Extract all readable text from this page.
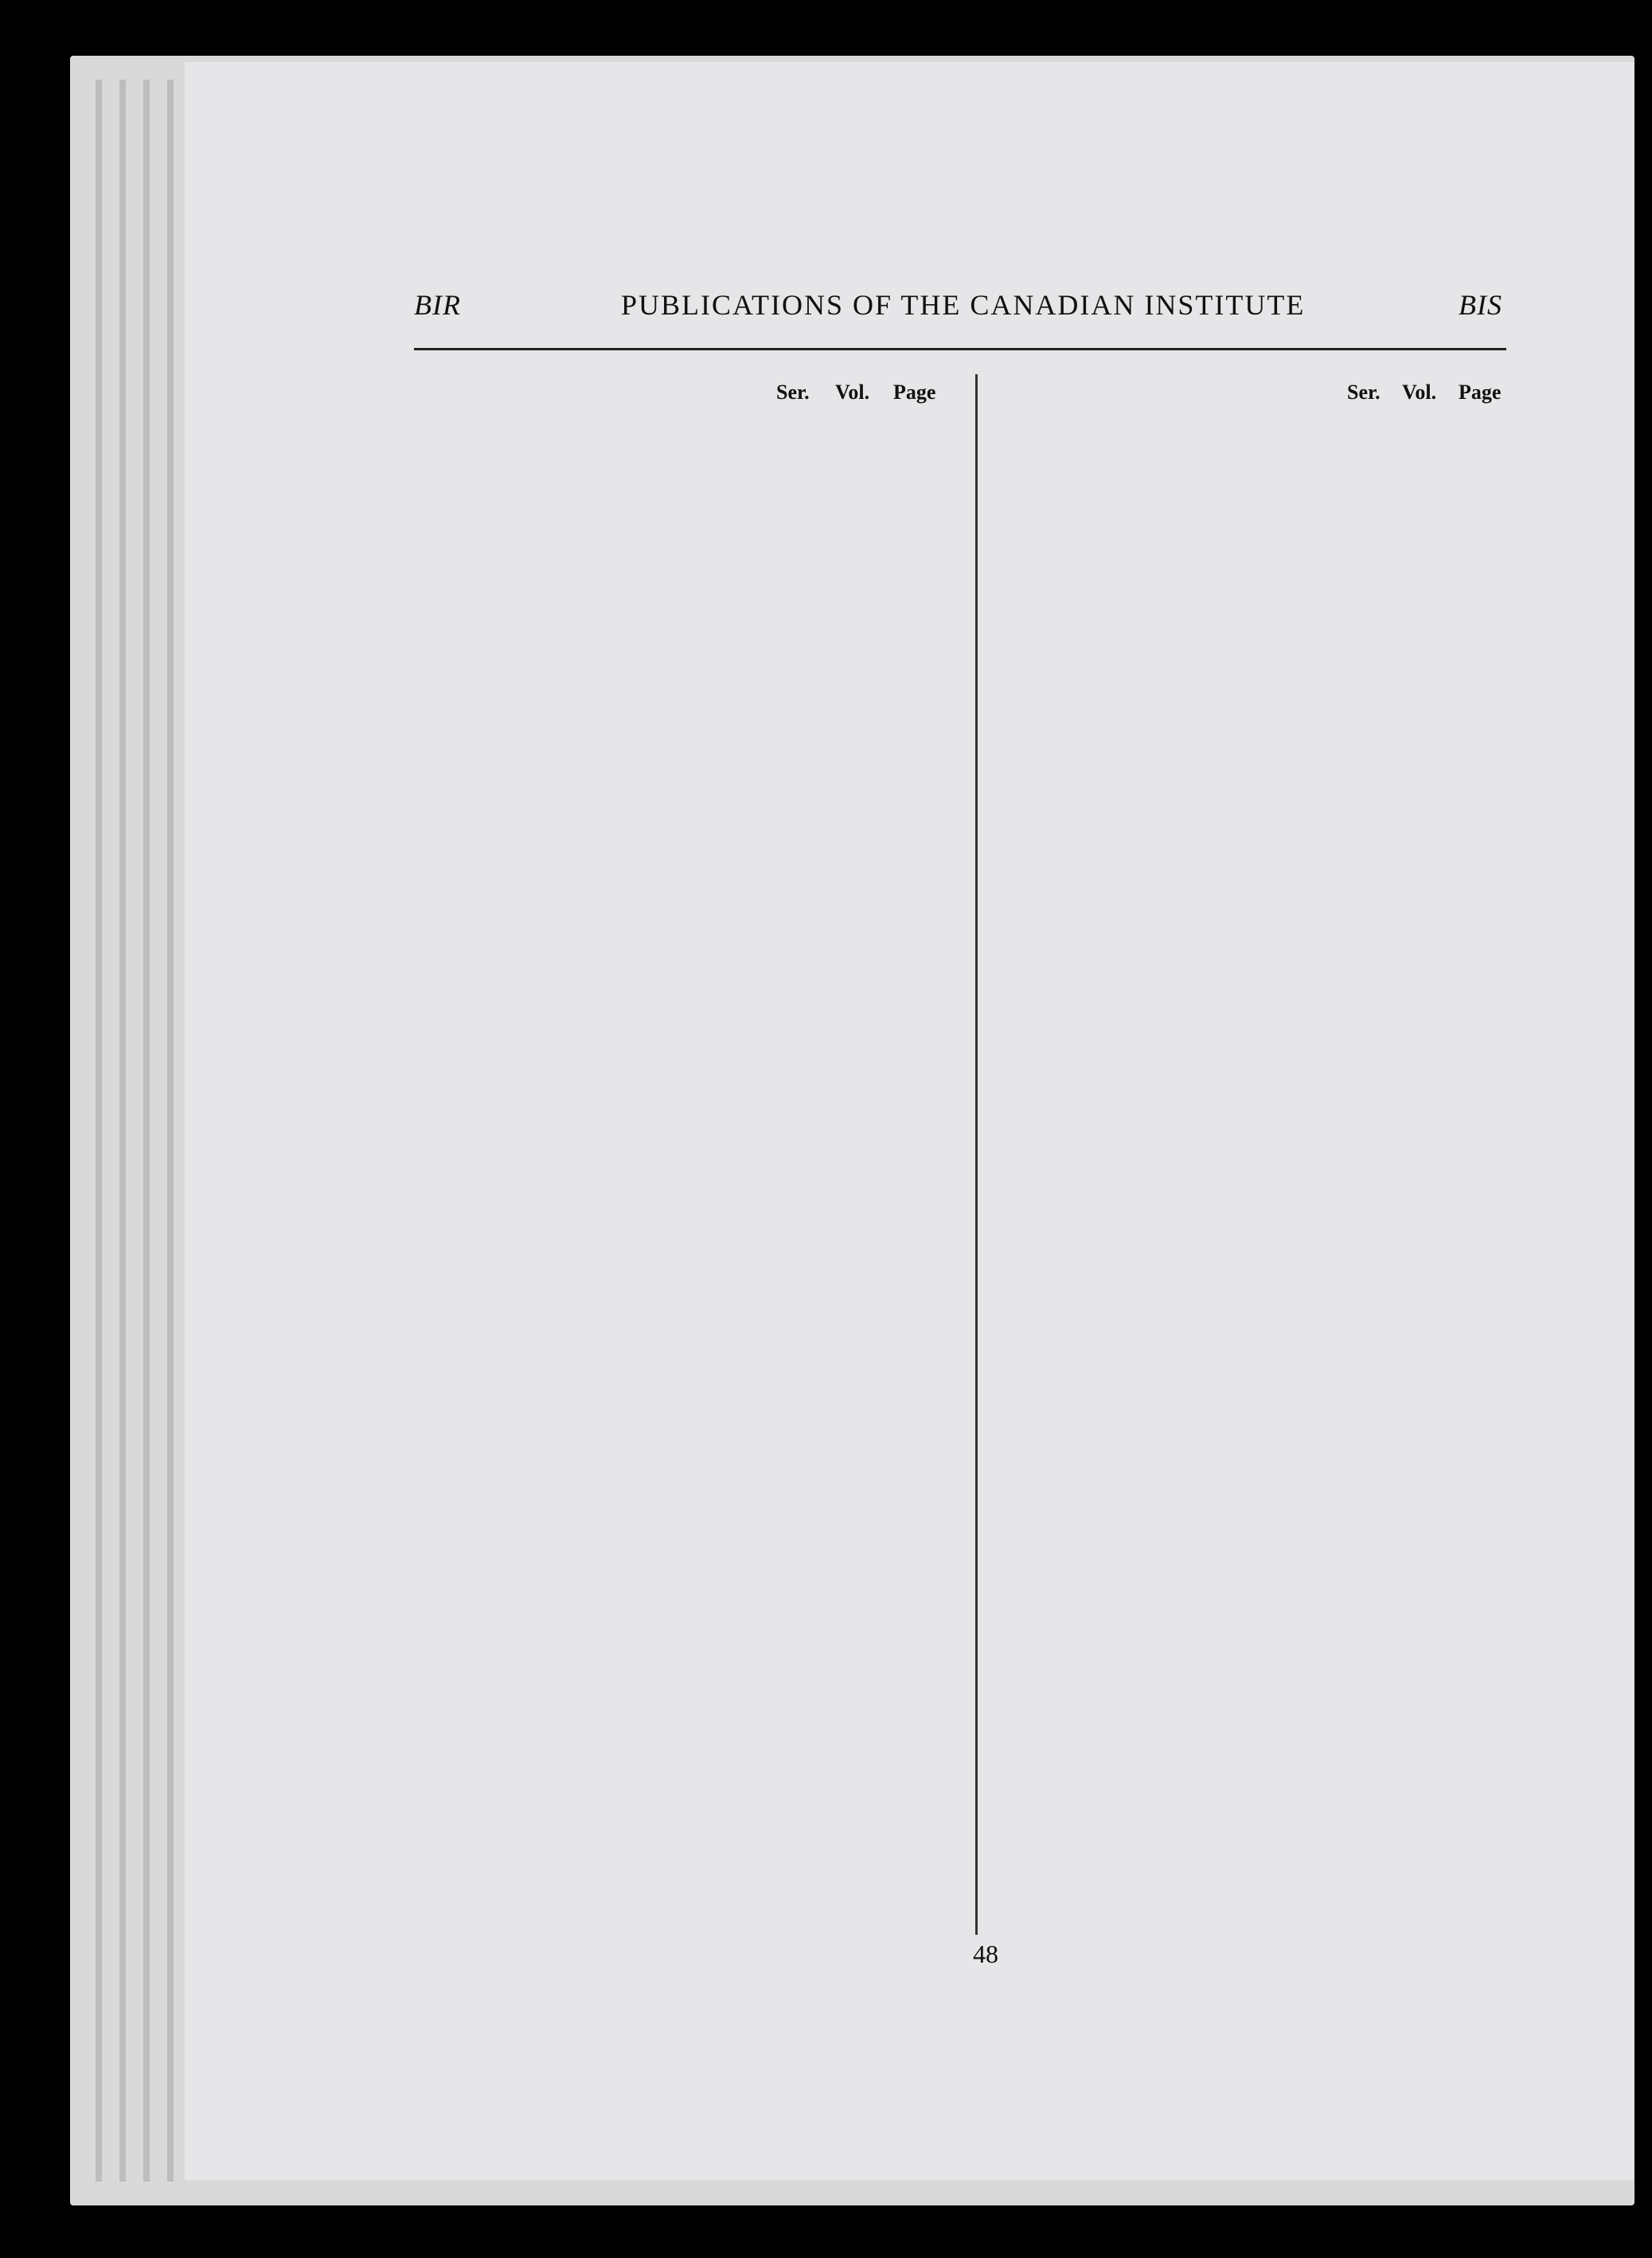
BIR	PUBLICATIONS OF THE CANADIAN INSTITUTE	BIS
Ser. Vol. Page	Ser. Vol. Page
48
